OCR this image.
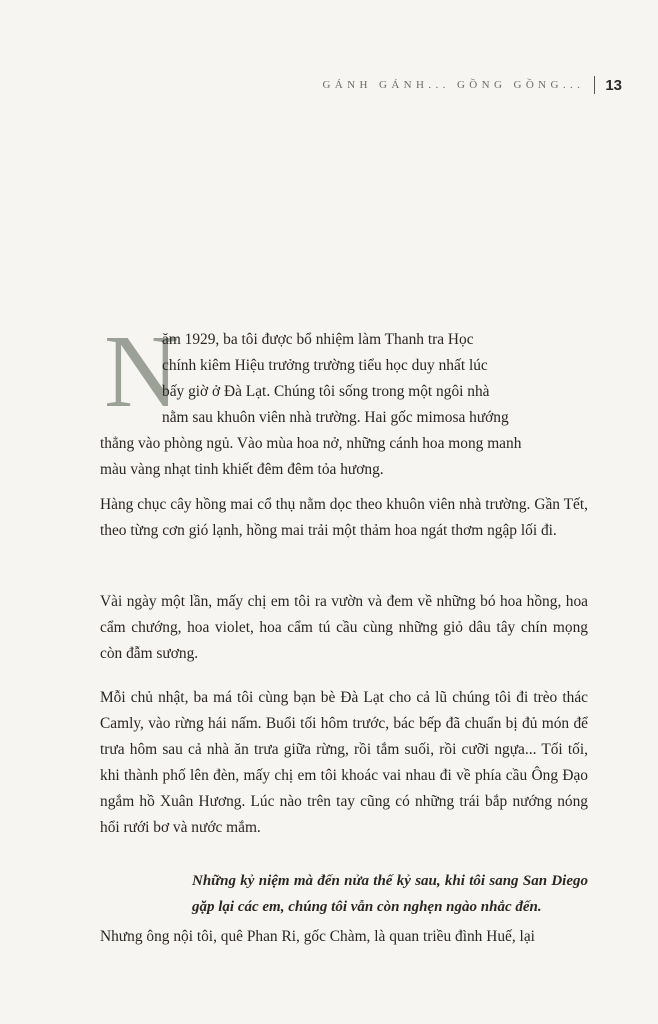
GÁNH GÁNH... GỒNG GỒNG... 13
N
ăm 1929, ba tôi được bổ nhiệm làm Thanh tra Học
chính kiêm Hiệu trưởng trường tiểu học duy nhất lúc
bấy giờ ở Đà Lạt. Chúng tôi sống trong một ngôi nhà
nằm sau khuôn viên nhà trường. Hai gốc mimosa hướng
thẳng vào phòng ngủ. Vào mùa hoa nở, những cánh hoa mong manh
màu vàng nhạt tinh khiết đêm đêm tỏa hương.

Hàng chục cây hồng mai cổ thụ nằm dọc theo khuôn viên nhà trường. Gần Tết, theo từng cơn gió lạnh, hồng mai trải một thảm hoa ngát thơm ngập lối đi.

Vài ngày một lần, mấy chị em tôi ra vườn và đem về những bó hoa hồng, hoa cẩm chướng, hoa violet, hoa cẩm tú cầu cùng những giỏ dâu tây chín mọng còn đẫm sương.

Mỗi chủ nhật, ba má tôi cùng bạn bè Đà Lạt cho cả lũ chúng tôi đi trèo thác Camly, vào rừng hái nấm. Buổi tối hôm trước, bác bếp đã chuẩn bị đủ món để trưa hôm sau cả nhà ăn trưa giữa rừng, rồi tắm suối, rồi cưỡi ngựa... Tối tối, khi thành phố lên đèn, mấy chị em tôi khoác vai nhau đi về phía cầu Ông Đạo ngắm hồ Xuân Hương. Lúc nào trên tay cũng có những trái bắp nướng nóng hổi rưới bơ và nước mắm.

Những kỷ niệm mà đến nửa thế kỷ sau, khi tôi sang San Diego gặp lại các em, chúng tôi vẫn còn nghẹn ngào nhắc đến.

Nhưng ông nội tôi, quê Phan Ri, gốc Chàm, là quan triều đình Huế, lại
